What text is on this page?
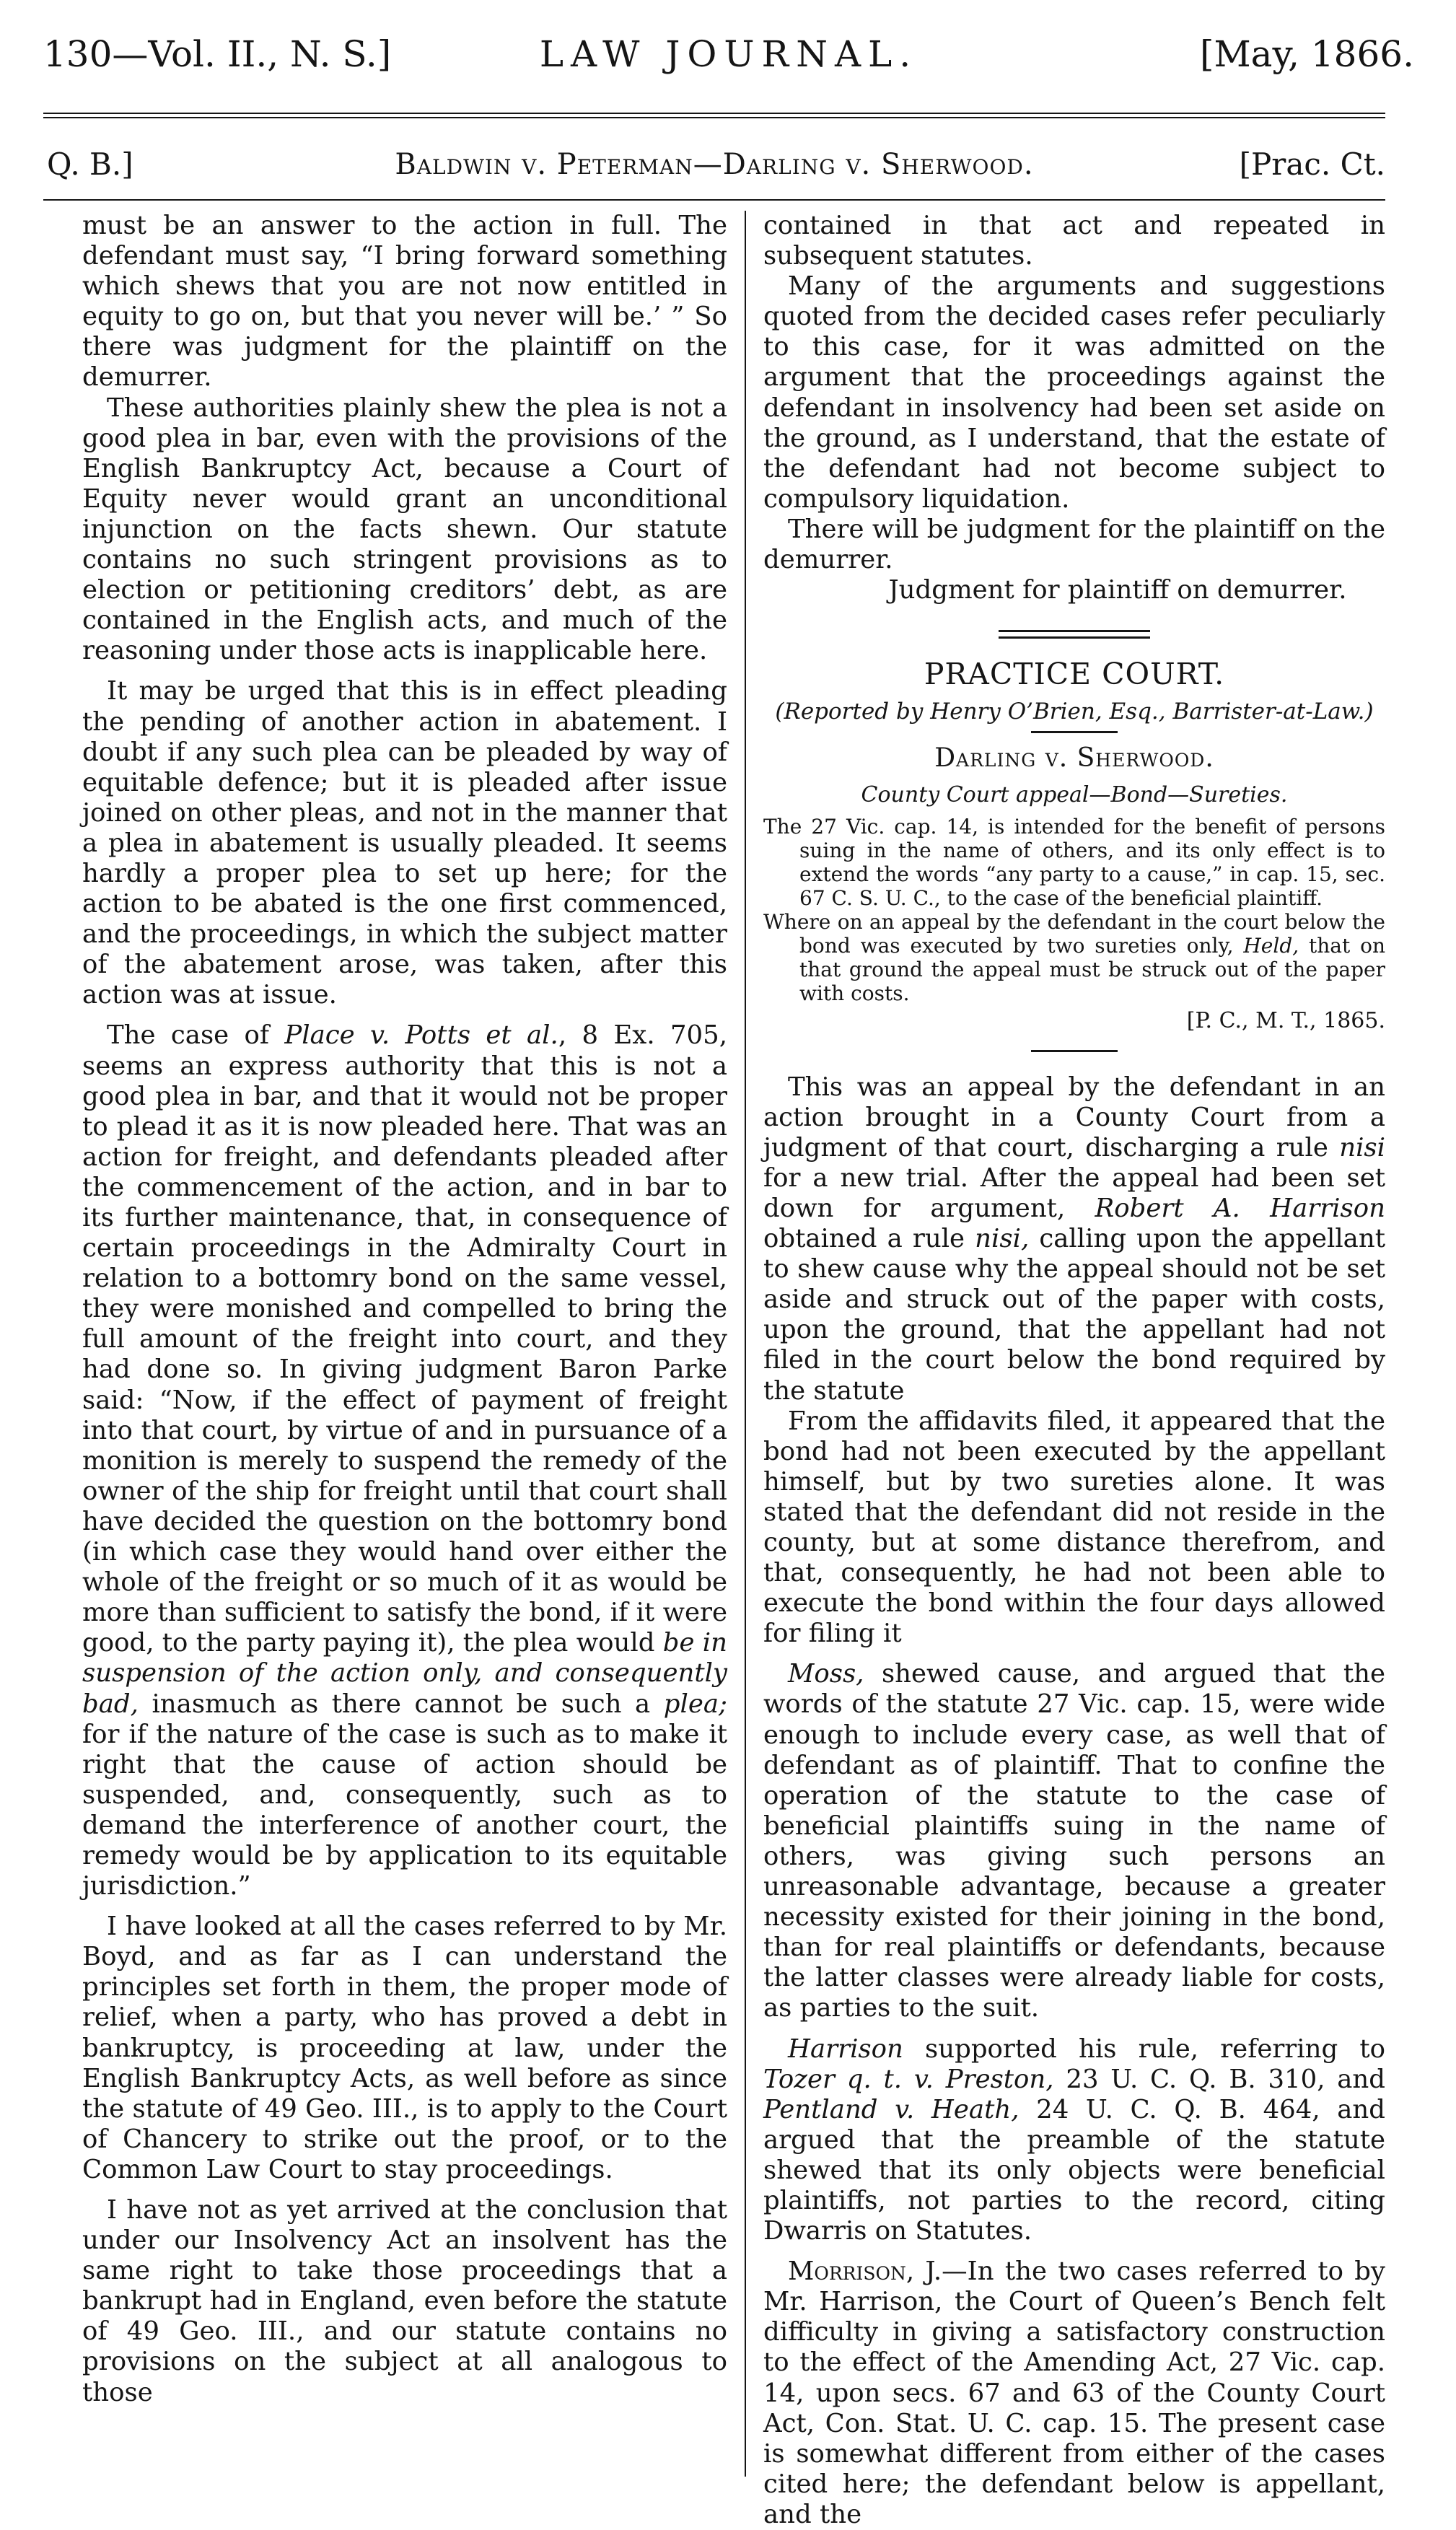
130—Vol. II., N. S.]	LAW JOURNAL.	[May, 1866.
Q. B.]	Baldwin v. Peterman—Darling v. Sherwood.	[Prac. Ct.

must be an answer to the action in full. The defendant must say, “I bring forward something which shews that you are not now entitled in equity to go on, but that you never will be.’ ” So there was judgment for the plaintiff on the demurrer.

These authorities plainly shew the plea is not a good plea in bar, even with the provisions of the English Bankruptcy Act, because a Court of Equity never would grant an unconditional injunction on the facts shewn. Our statute contains no such stringent provisions as to election or petitioning creditors’ debt, as are contained in the English acts, and much of the reasoning under those acts is inapplicable here.

It may be urged that this is in effect pleading the pending of another action in abatement. I doubt if any such plea can be pleaded by way of equitable defence; but it is pleaded after issue joined on other pleas, and not in the manner that a plea in abatement is usually pleaded. It seems hardly a proper plea to set up here; for the action to be abated is the one first commenced, and the proceedings, in which the subject matter of the abatement arose, was taken, after this action was at issue.

The case of Place v. Potts et al., 8 Ex. 705, seems an express authority that this is not a good plea in bar, and that it would not be proper to plead it as it is now pleaded here. That was an action for freight, and defendants pleaded after the commencement of the action, and in bar to its further maintenance, that, in consequence of certain proceedings in the Admiralty Court in relation to a bottomry bond on the same vessel, they were monished and compelled to bring the full amount of the freight into court, and they had done so. In giving judgment Baron Parke said: “Now, if the effect of payment of freight into that court, by virtue of and in pursuance of a monition is merely to suspend the remedy of the owner of the ship for freight until that court shall have decided the question on the bottomry bond (in which case they would hand over either the whole of the freight or so much of it as would be more than sufficient to satisfy the bond, if it were good, to the party paying it), the plea would be in suspension of the action only, and consequently bad, inasmuch as there cannot be such a plea; for if the nature of the case is such as to make it right that the cause of action should be suspended, and, consequently, such as to demand the interference of another court, the remedy would be by application to its equitable jurisdiction.”

I have looked at all the cases referred to by Mr. Boyd, and as far as I can understand the principles set forth in them, the proper mode of relief, when a party, who has proved a debt in bankruptcy, is proceeding at law, under the English Bankruptcy Acts, as well before as since the statute of 49 Geo. III., is to apply to the Court of Chancery to strike out the proof, or to the Common Law Court to stay proceedings.

I have not as yet arrived at the conclusion that under our Insolvency Act an insolvent has the same right to take those proceedings that a bankrupt had in England, even before the statute of 49 Geo. III., and our statute contains no provisions on the subject at all analogous to those

contained in that act and repeated in subsequent statutes.

Many of the arguments and suggestions quoted from the decided cases refer peculiarly to this case, for it was admitted on the argument that the proceedings against the defendant in insolvency had been set aside on the ground, as I understand, that the estate of the defendant had not become subject to compulsory liquidation.

There will be judgment for the plaintiff on the demurrer.

Judgment for plaintiff on demurrer.

PRACTICE COURT.
(Reported by Henry O’Brien, Esq., Barrister-at-Law.)
Darling v. Sherwood.
County Court appeal—Bond—Sureties.

The 27 Vic. cap. 14, is intended for the benefit of persons suing in the name of others, and its only effect is to extend the words “any party to a cause,” in cap. 15, sec. 67 C. S. U. C., to the case of the beneficial plaintiff.

Where on an appeal by the defendant in the court below the bond was executed by two sureties only, Held, that on that ground the appeal must be struck out of the paper with costs.

[P. C., M. T., 1865.

This was an appeal by the defendant in an action brought in a County Court from a judgment of that court, discharging a rule nisi for a new trial. After the appeal had been set down for argument, Robert A. Harrison obtained a rule nisi, calling upon the appellant to shew cause why the appeal should not be set aside and struck out of the paper with costs, upon the ground, that the appellant had not filed in the court below the bond required by the statute

From the affidavits filed, it appeared that the bond had not been executed by the appellant himself, but by two sureties alone. It was stated that the defendant did not reside in the county, but at some distance therefrom, and that, consequently, he had not been able to execute the bond within the four days allowed for filing it

Moss, shewed cause, and argued that the words of the statute 27 Vic. cap. 15, were wide enough to include every case, as well that of defendant as of plaintiff. That to confine the operation of the statute to the case of beneficial plaintiffs suing in the name of others, was giving such persons an unreasonable advantage, because a greater necessity existed for their joining in the bond, than for real plaintiffs or defendants, because the latter classes were already liable for costs, as parties to the suit.

Harrison supported his rule, referring to Tozer q. t. v. Preston, 23 U. C. Q. B. 310, and Pentland v. Heath, 24 U. C. Q. B. 464, and argued that the preamble of the statute shewed that its only objects were beneficial plaintiffs, not parties to the record, citing Dwarris on Statutes.

Morrison, J.—In the two cases referred to by Mr. Harrison, the Court of Queen’s Bench felt difficulty in giving a satisfactory construction to the effect of the Amending Act, 27 Vic. cap. 14, upon secs. 67 and 63 of the County Court Act, Con. Stat. U. C. cap. 15. The present case is somewhat different from either of the cases cited here; the defendant below is appellant, and the
